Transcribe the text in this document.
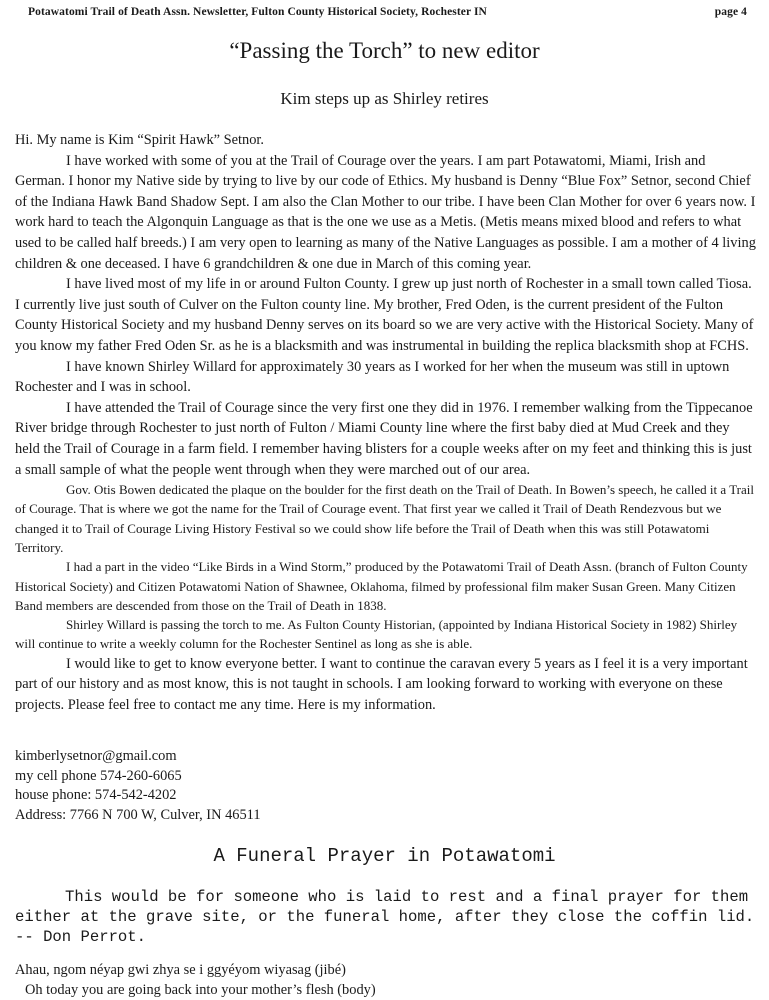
Potawatomi Trail of Death Assn. Newsletter, Fulton County Historical Society, Rochester IN	page 4
“Passing the Torch” to new editor
Kim steps up as Shirley retires

Hi. My name is Kim “Spirit Hawk” Setnor.

I have worked with some of you at the Trail of Courage over the years. I am part Potawatomi, Miami, Irish and German. I honor my Native side by trying to live by our code of Ethics. My husband is Denny “Blue Fox” Setnor, second Chief of the Indiana Hawk Band Shadow Sept. I am also the Clan Mother to our tribe. I have been Clan Mother for over 6 years now. I work hard to teach the Algonquin Language as that is the one we use as a Metis. (Metis means mixed blood and refers to what used to be called half breeds.) I am very open to learning as many of the Native Languages as possible. I am a mother of 4 living children & one deceased. I have 6 grandchildren & one due in March of this coming year.

I have lived most of my life in or around Fulton County. I grew up just north of Rochester in a small town called Tiosa. I currently live just south of Culver on the Fulton county line. My brother, Fred Oden, is the current president of the Fulton County Historical Society and my husband Denny serves on its board so we are very active with the Historical Society. Many of you know my father Fred Oden Sr. as he is a blacksmith and was instrumental in building the replica blacksmith shop at FCHS.

I have known Shirley Willard for approximately 30 years as I worked for her when the museum was still in uptown Rochester and I was in school.

I have attended the Trail of Courage since the very first one they did in 1976. I remember walking from the Tippecanoe River bridge through Rochester to just north of Fulton / Miami County line where the first baby died at Mud Creek and they held the Trail of Courage in a farm field. I remember having blisters for a couple weeks after on my feet and thinking this is just a small sample of what the people went through when they were marched out of our area.

Gov. Otis Bowen dedicated the plaque on the boulder for the first death on the Trail of Death. In Bowen’s speech, he called it a Trail of Courage. That is where we got the name for the Trail of Courage event. That first year we called it Trail of Death Rendezvous but we changed it to Trail of Courage Living History Festival so we could show life before the Trail of Death when this was still Potawatomi Territory.

I had a part in the video “Like Birds in a Wind Storm,” produced by the Potawatomi Trail of Death Assn. (branch of Fulton County Historical Society) and Citizen Potawatomi Nation of Shawnee, Oklahoma, filmed by professional film maker Susan Green. Many Citizen Band members are descended from those on the Trail of Death in 1838.

Shirley Willard is passing the torch to me. As Fulton County Historian, (appointed by Indiana Historical Society in 1982) Shirley will continue to write a weekly column for the Rochester Sentinel as long as she is able.

I would like to get to know everyone better. I want to continue the caravan every 5 years as I feel it is a very important part of our history and as most know, this is not taught in schools. I am looking forward to working with everyone on these projects. Please feel free to contact me any time. Here is my information.

kimberlysetnor@gmail.com
my cell phone 574-260-6065
house phone: 574-542-4202
Address: 7766 N 700 W, Culver, IN 46511
A Funeral Prayer in Potawatomi

This would be for someone who is laid to rest and a final prayer for them either at the grave site, or the funeral home, after they close the coffin lid. -- Don Perrot.

Ahau, ngom néyap gwi zhya se i ggyéyom wiyasag (jibé)
Oh today you are going back into your mother’s flesh (body)
